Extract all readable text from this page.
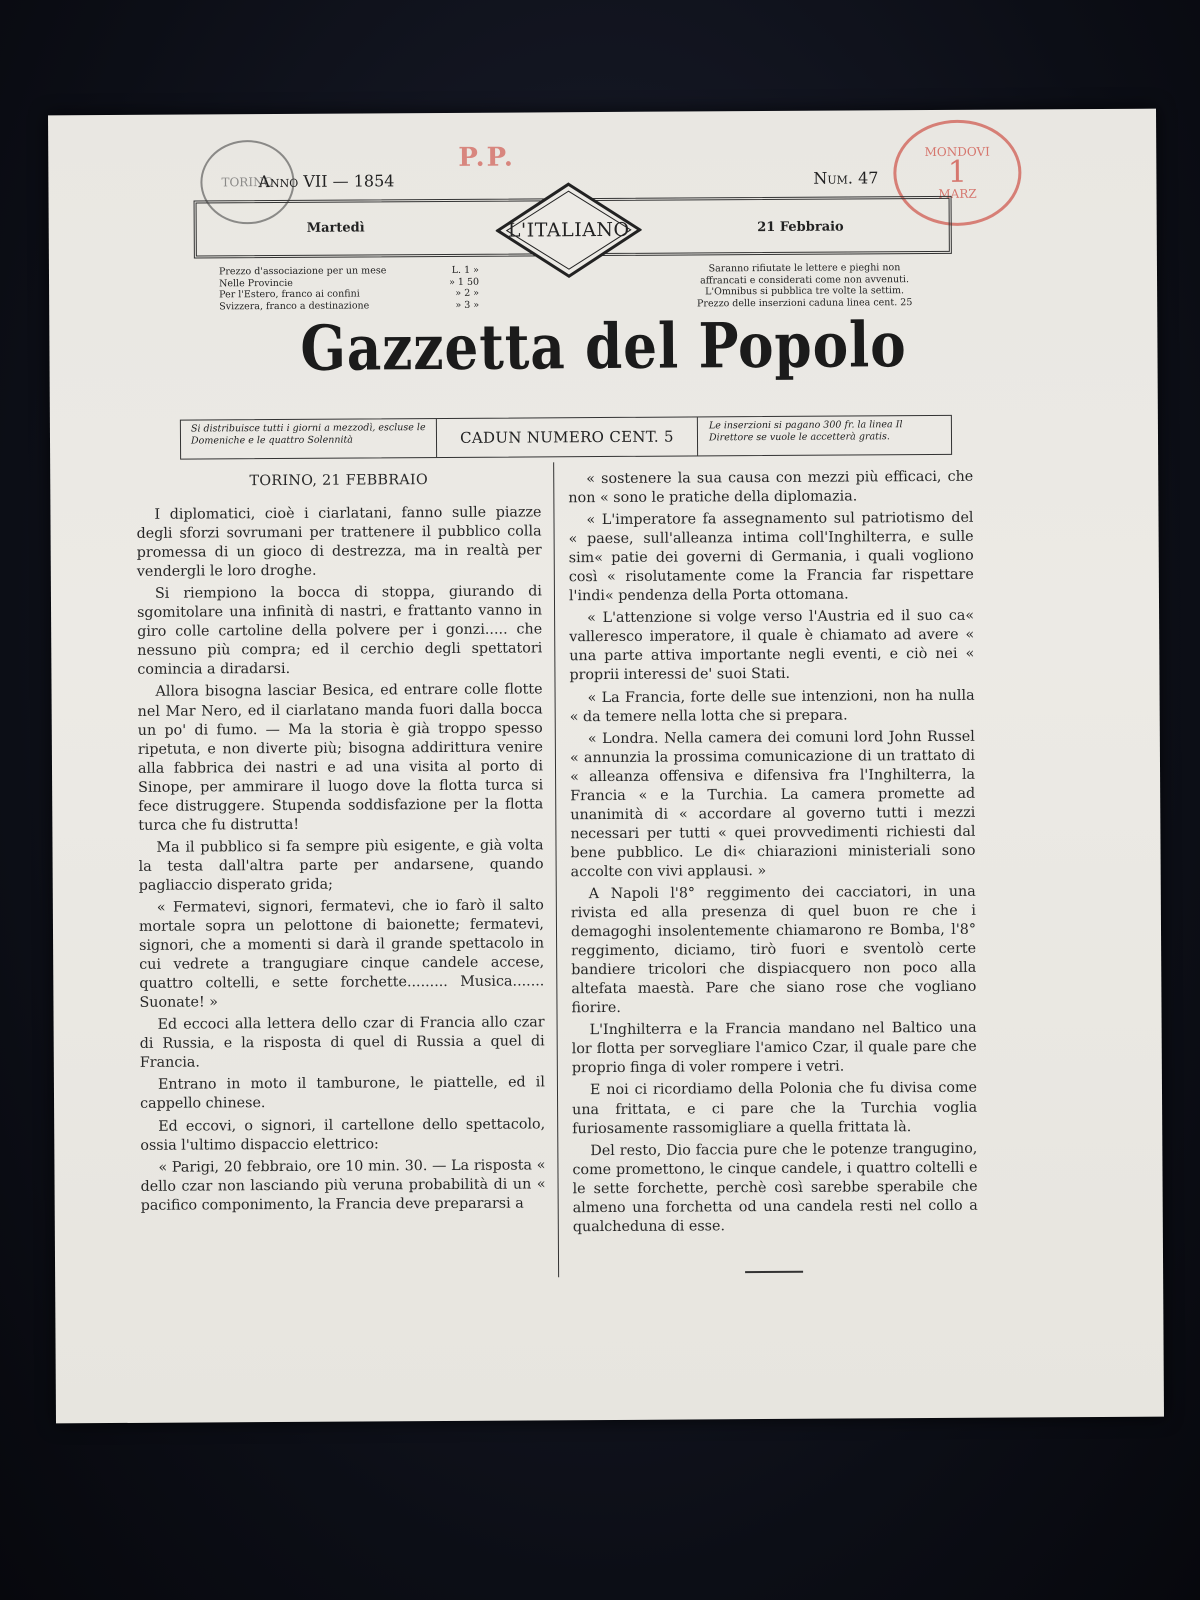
TORINO
P.P.	MONDOVI
1
MARZ
Anno VII — 1854	Num. 47
Martedì	21 Febbraio
L'ITALIANO
Prezzo d'associazione per un mese	L. 1 »
Nelle Provincie	» 1 50
Per l'Estero, franco ai confini	» 2 »
Svizzera, franco a destinazione	» 3 »
Saranno rifiutate le lettere e pieghi non
affrancati e considerati come non avvenuti.
L'Omnibus si pubblica tre volte la settim.
Prezzo delle inserzioni caduna linea cent. 25
Gazzetta del Popolo
Si distribuisce tutti i giorni a mezzodì, escluse le Domeniche e le quattro Solennità	CADUN NUMERO CENT. 5
Le inserzioni si pagano 300 fr. la linea Il Direttore se vuole le accetterà gratis.

TORINO, 21 FEBBRAIO

I diplomatici, cioè i ciarlatani, fanno sulle piazze degli sforzi sovrumani per trattenere il pubblico colla promessa di un gioco di destrezza, ma in realtà per vendergli le loro droghe.

Si riempiono la bocca di stoppa, giurando di sgomitolare una infinità di nastri, e frattanto vanno in giro colle cartoline della polvere per i gonzi..... che nessuno più compra; ed il cerchio degli spettatori comincia a diradarsi.

Allora bisogna lasciar Besica, ed entrare colle flotte nel Mar Nero, ed il ciarlatano manda fuori dalla bocca un po' di fumo. — Ma la storia è già troppo spesso ripetuta, e non diverte più; bisogna addirittura venire alla fabbrica dei nastri e ad una visita al porto di Sinope, per ammirare il luogo dove la flotta turca si fece distruggere. Stupenda soddisfazione per la flotta turca che fu distrutta!

Ma il pubblico si fa sempre più esigente, e già volta la testa dall'altra parte per andarsene, quando pagliaccio disperato grida;

« Fermatevi, signori, fermatevi, che io farò il salto mortale sopra un pelottone di baionette; fermatevi, signori, che a momenti si darà il grande spettacolo in cui vedrete a trangugiare cinque candele accese, quattro coltelli, e sette forchette......... Musica....... Suonate! »

Ed eccoci alla lettera dello czar di Francia allo czar di Russia, e la risposta di quel di Russia a quel di Francia.

Entrano in moto il tamburone, le piattelle, ed il cappello chinese.

Ed eccovi, o signori, il cartellone dello spettacolo, ossia l'ultimo dispaccio elettrico:

« Parigi, 20 febbraio, ore 10 min. 30. — La risposta « dello czar non lasciando più veruna probabilità di un « pacifico componimento, la Francia deve prepararsi a

« sostenere la sua causa con mezzi più efficaci, che non « sono le pratiche della diplomazia.

« L'imperatore fa assegnamento sul patriotismo del « paese, sull'alleanza intima coll'Inghilterra, e sulle sim« patie dei governi di Germania, i quali vogliono così « risolutamente come la Francia far rispettare l'indi« pendenza della Porta ottomana.

« L'attenzione si volge verso l'Austria ed il suo ca« valleresco imperatore, il quale è chiamato ad avere « una parte attiva importante negli eventi, e ciò nei « proprii interessi de' suoi Stati.

« La Francia, forte delle sue intenzioni, non ha nulla « da temere nella lotta che si prepara.

« Londra. Nella camera dei comuni lord John Russel « annunzia la prossima comunicazione di un trattato di « alleanza offensiva e difensiva fra l'Inghilterra, la Francia « e la Turchia. La camera promette ad unanimità di « accordare al governo tutti i mezzi necessari per tutti « quei provvedimenti richiesti dal bene pubblico. Le di« chiarazioni ministeriali sono accolte con vivi applausi. »

A Napoli l'8° reggimento dei cacciatori, in una rivista ed alla presenza di quel buon re che i demagoghi insolentemente chiamarono re Bomba, l'8° reggimento, diciamo, tirò fuori e sventolò certe bandiere tricolori che dispiacquero non poco alla altefata maestà. Pare che siano rose che vogliano fiorire.

L'Inghilterra e la Francia mandano nel Baltico una lor flotta per sorvegliare l'amico Czar, il quale pare che proprio finga di voler rompere i vetri.

E noi ci ricordiamo della Polonia che fu divisa come una frittata, e ci pare che la Turchia voglia furiosamente rassomigliare a quella frittata là.

Del resto, Dio faccia pure che le potenze trangugino, come promettono, le cinque candele, i quattro coltelli e le sette forchette, perchè così sarebbe sperabile che almeno una forchetta od una candela resti nel collo a qualcheduna di esse.
